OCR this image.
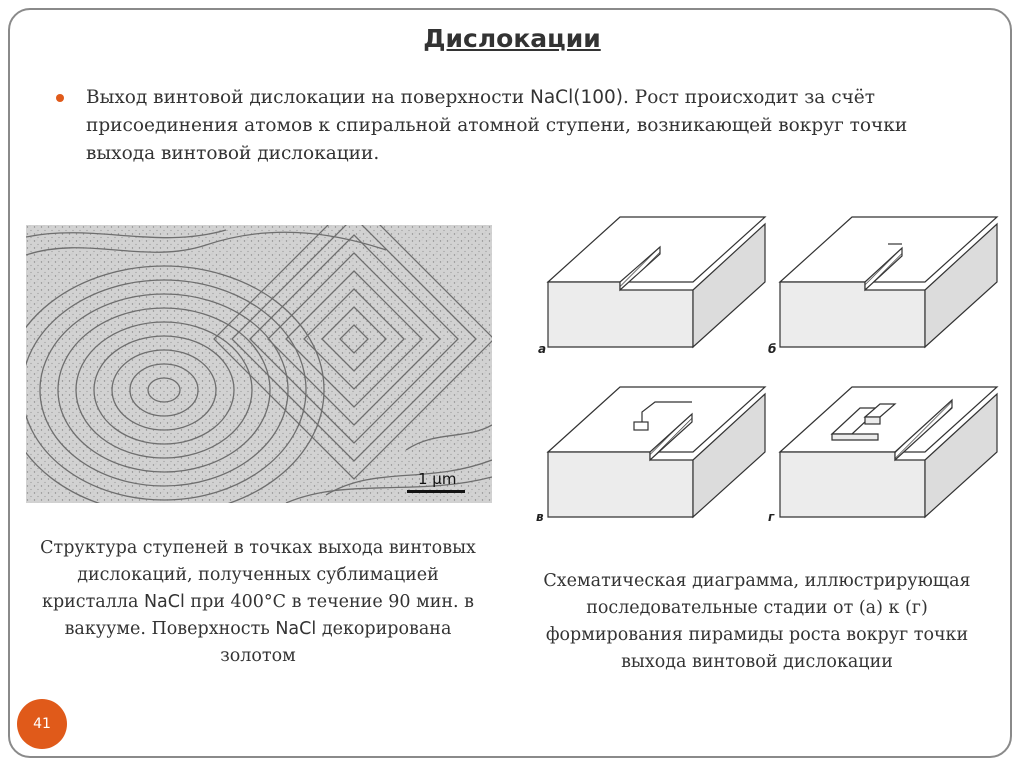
Дислокации
Выход винтовой дислокации на поверхности NaCl(100). Рост происходит за счёт присоединения атомов к спиральной атомной ступени, возникающей вокруг точки выхода винтовой дислокации.
1 μm
Структура ступеней в точках выхода винтовых дислокаций, полученных сублимацией кристалла NaCl при 400°C в течение 90 мин. в вакууме. Поверхность NaCl декорирована золотом
а	б
в	г
Схематическая диаграмма, иллюстрирующая последовательные стадии от (а) к (г) формирования пирамиды роста вокруг точки выхода винтовой дислокации
41
